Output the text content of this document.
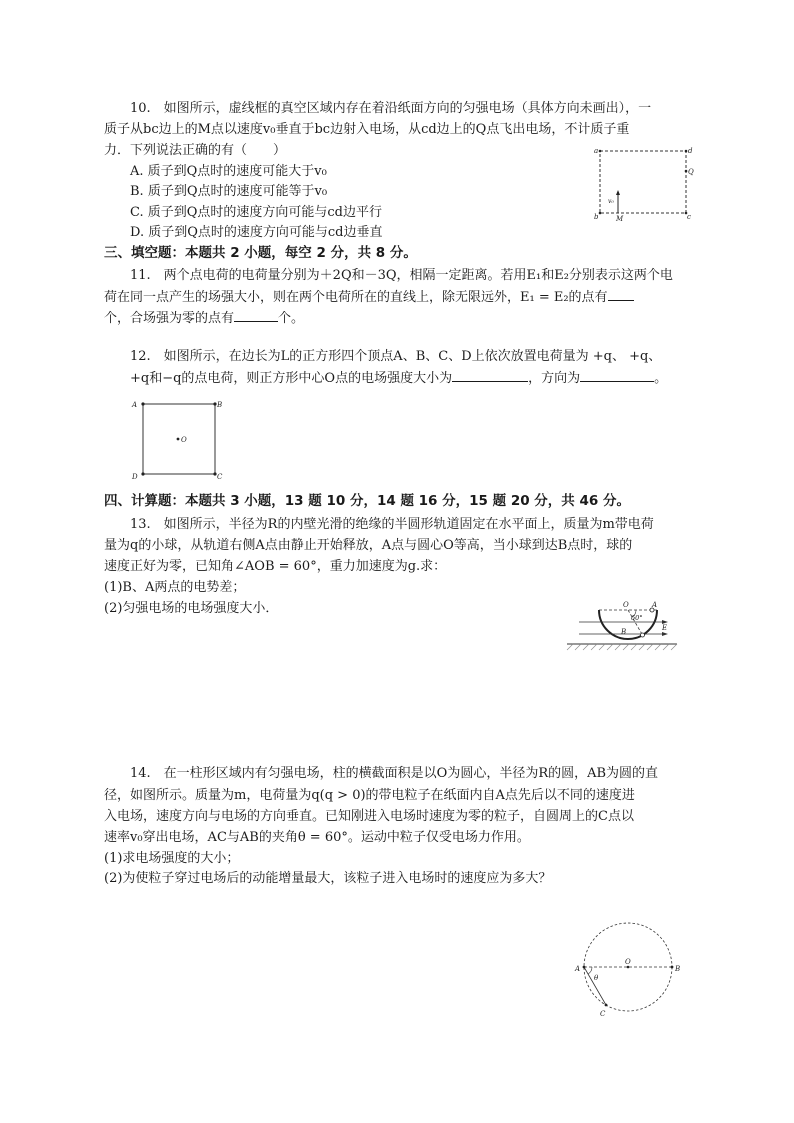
10.　如图所示，虚线框的真空区域内存在着沿纸面方向的匀强电场（具体方向未画出），一
质子从bc边上的M点以速度v₀垂直于bc边射入电场，从cd边上的Q点飞出电场，不计质子重
力．下列说法正确的有（　　）
A. 质子到Q点时的速度可能大于v₀
B. 质子到Q点时的速度可能等于v₀
C. 质子到Q点时的速度方向可能与cd边平行
D. 质子到Q点时的速度方向可能与cd边垂直
a	d
Q
b	c
M
v₀
三、填空题：本题共 2 小题，每空 2 分，共 8 分。
11.　两个点电荷的电荷量分别为＋2Q和－3Q，相隔一定距离。若用E₁和E₂分别表示这两个电
荷在同一点产生的场强大小，则在两个电荷所在的直线上，除无限远外，E₁ = E₂的点有
个，合场强为零的点有	个。
12.　如图所示，在边长为L的正方形四个顶点A、B、C、D上依次放置电荷量为 +q、 +q、
+q和−q的点电荷，则正方形中心O点的电场强度大小为	，方向为	。
A	B
C
D
O
四、计算题：本题共 3 小题，13 题 10 分，14 题 16 分，15 题 20 分，共 46 分。
13.　如图所示，半径为R的内壁光滑的绝缘的半圆形轨道固定在水平面上，质量为m带电荷
量为q的小球，从轨道右侧A点由静止开始释放，A点与圆心O等高，当小球到达B点时，球的
速度正好为零，已知角∠AOB = 60°，重力加速度为g.求：
(1)B、A两点的电势差；
(2)匀强电场的电场强度大小．	O	A
60°
B	E
14.　在一柱形区域内有匀强电场，柱的横截面积是以O为圆心，半径为R的圆，AB为圆的直
径，如图所示。质量为m，电荷量为q(q > 0)的带电粒子在纸面内自A点先后以不同的速度进
入电场，速度方向与电场的方向垂直。已知刚进入电场时速度为零的粒子，自圆周上的C点以
速率v₀穿出电场，AC与AB的夹角θ = 60°。运动中粒子仅受电场力作用。
(1)求电场强度的大小；
(2)为使粒子穿过电场后的动能增量最大，该粒子进入电场时的速度应为多大？
A
O
B
C
θ
